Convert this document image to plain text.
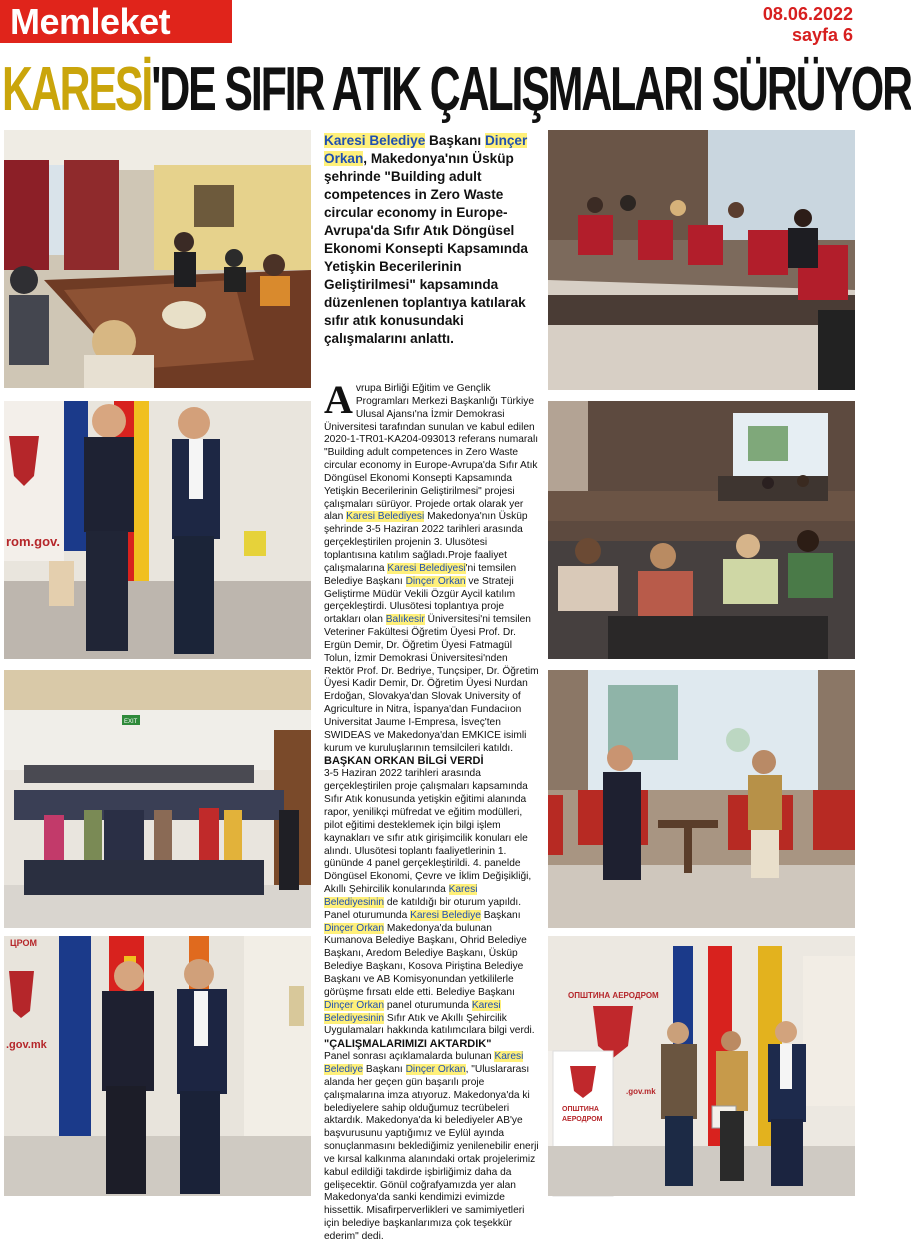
Memleket	08.06.2022
sayfa 6
KARESİ'DE SIFIR ATIK ÇALIŞMALARI SÜRÜYOR
rom.gov.
EXIT
ЦРОМ
.gov.mk
ОПШТИНА АЕРОДРОМ
ОПШТИНА
АЕРОДРОМ
.gov.mk
Karesi Belediye Başkanı Dinçer Orkan, Makedonya'nın Üsküp şehrinde "Building adult competences in Zero Waste circular economy in Europe-Avrupa'da Sıfır Atık Döngüsel Ekonomi Konsepti Kapsamında Yetişkin Becerilerinin Geliştirilmesi" kapsamında düzenlenen toplantıya katılarak sıfır atık konusundaki çalışmalarını anlattı.

Avrupa Birliği Eğitim ve Gençlik Programları Merkezi Başkanlığı Türkiye Ulusal Ajansı'na İzmir Demokrasi Üniversitesi tarafından sunulan ve kabul edilen 2020-1-TR01-KA204-093013 referans numaralı "Building adult competences in Zero Waste circular economy in Europe-Avrupa'da Sıfır Atık Döngüsel Ekonomi Konsepti Kapsamında Yetişkin Becerilerinin Geliştirilmesi" projesi çalışmaları sürüyor. Projede ortak olarak yer alan Karesi Belediyesi Makedonya'nın Üsküp şehrinde 3-5 Haziran 2022 tarihleri arasında gerçekleştirilen projenin 3. Ulusötesi toplantısına katılım sağladı.Proje faaliyet çalışmalarına Karesi Belediyesi'ni temsilen Belediye Başkanı Dinçer Orkan ve Strateji Geliştirme Müdür Vekili Özgür Aycil katılım gerçekleştirdi. Ulusötesi toplantıya proje ortakları olan Balıkesir Üniversitesi'ni temsilen Veteriner Fakültesi Öğretim Üyesi Prof. Dr. Ergün Demir, Dr. Öğretim Üyesi Fatmagül Tolun, İzmir Demokrasi Üniversitesi'nden Rektör Prof. Dr. Bedriye, Tunçsiper, Dr. Öğretim Üyesi Kadir Demir, Dr. Öğretim Üyesi Nurdan Erdoğan, Slovakya'dan Slovak University of Agriculture in Nitra, İspanya'dan Fundaciıon Universitat Jaume I-Empresa, İsveç'ten SWIDEAS ve Makedonya'dan EMKICE isimli kurum ve kuruluşlarının temsilcileri katıldı.

BAŞKAN ORKAN BİLGİ VERDİ

3-5 Haziran 2022 tarihleri arasında gerçekleştirilen proje çalışmaları kapsamında Sıfır Atık konusunda yetişkin eğitimi alanında rapor, yenilikçi müfredat ve eğitim modülleri, pilot eğitimi desteklemek için bilgi işlem kaynakları ve sıfır atık girişimcilik konuları ele alındı. Ulusötesi toplantı faaliyetlerinin 1. gününde 4 panel gerçekleştirildi. 4. panelde Döngüsel Ekonomi, Çevre ve İklim Değişikliği, Akıllı Şehircilik konularında Karesi Belediyesinin de katıldığı bir oturum yapıldı. Panel oturumunda Karesi Belediye Başkanı Dinçer Orkan Makedonya'da bulunan Kumanova Belediye Başkanı, Ohrid Belediye Başkanı, Aredom Belediye Başkanı, Üsküp Belediye Başkanı, Kosova Piriştina Belediye Başkanı ve AB Komisyonundan yetkililerle görüşme fırsatı elde etti. Belediye Başkanı Dinçer Orkan panel oturumunda Karesi Belediyesinin Sıfır Atık ve Akıllı Şehircilik Uygulamaları hakkında katılımcılara bilgi verdi.

"ÇALIŞMALARIMIZI AKTARDIK"

Panel sonrası açıklamalarda bulunan Karesi Belediye Başkanı Dinçer Orkan, "Uluslararası alanda her geçen gün başarılı proje çalışmalarına imza atıyoruz. Makedonya'da ki belediyelere sahip olduğumuz tecrübeleri aktardık. Makedonya'da ki belediyeler AB'ye başvurusunu yaptığımız ve Eylül ayında sonuçlanmasını beklediğimiz yenilenebilir enerji ve kırsal kalkınma alanındaki ortak projelerimiz kabul edildiği takdirde işbirliğimiz daha da gelişecektir. Gönül coğrafyamızda yer alan Makedonya'da sanki kendimizi evimizde hissettik. Misafirperverlikleri ve samimiyetleri için belediye başkanlarımıza çok teşekkür ederim" dedi.
